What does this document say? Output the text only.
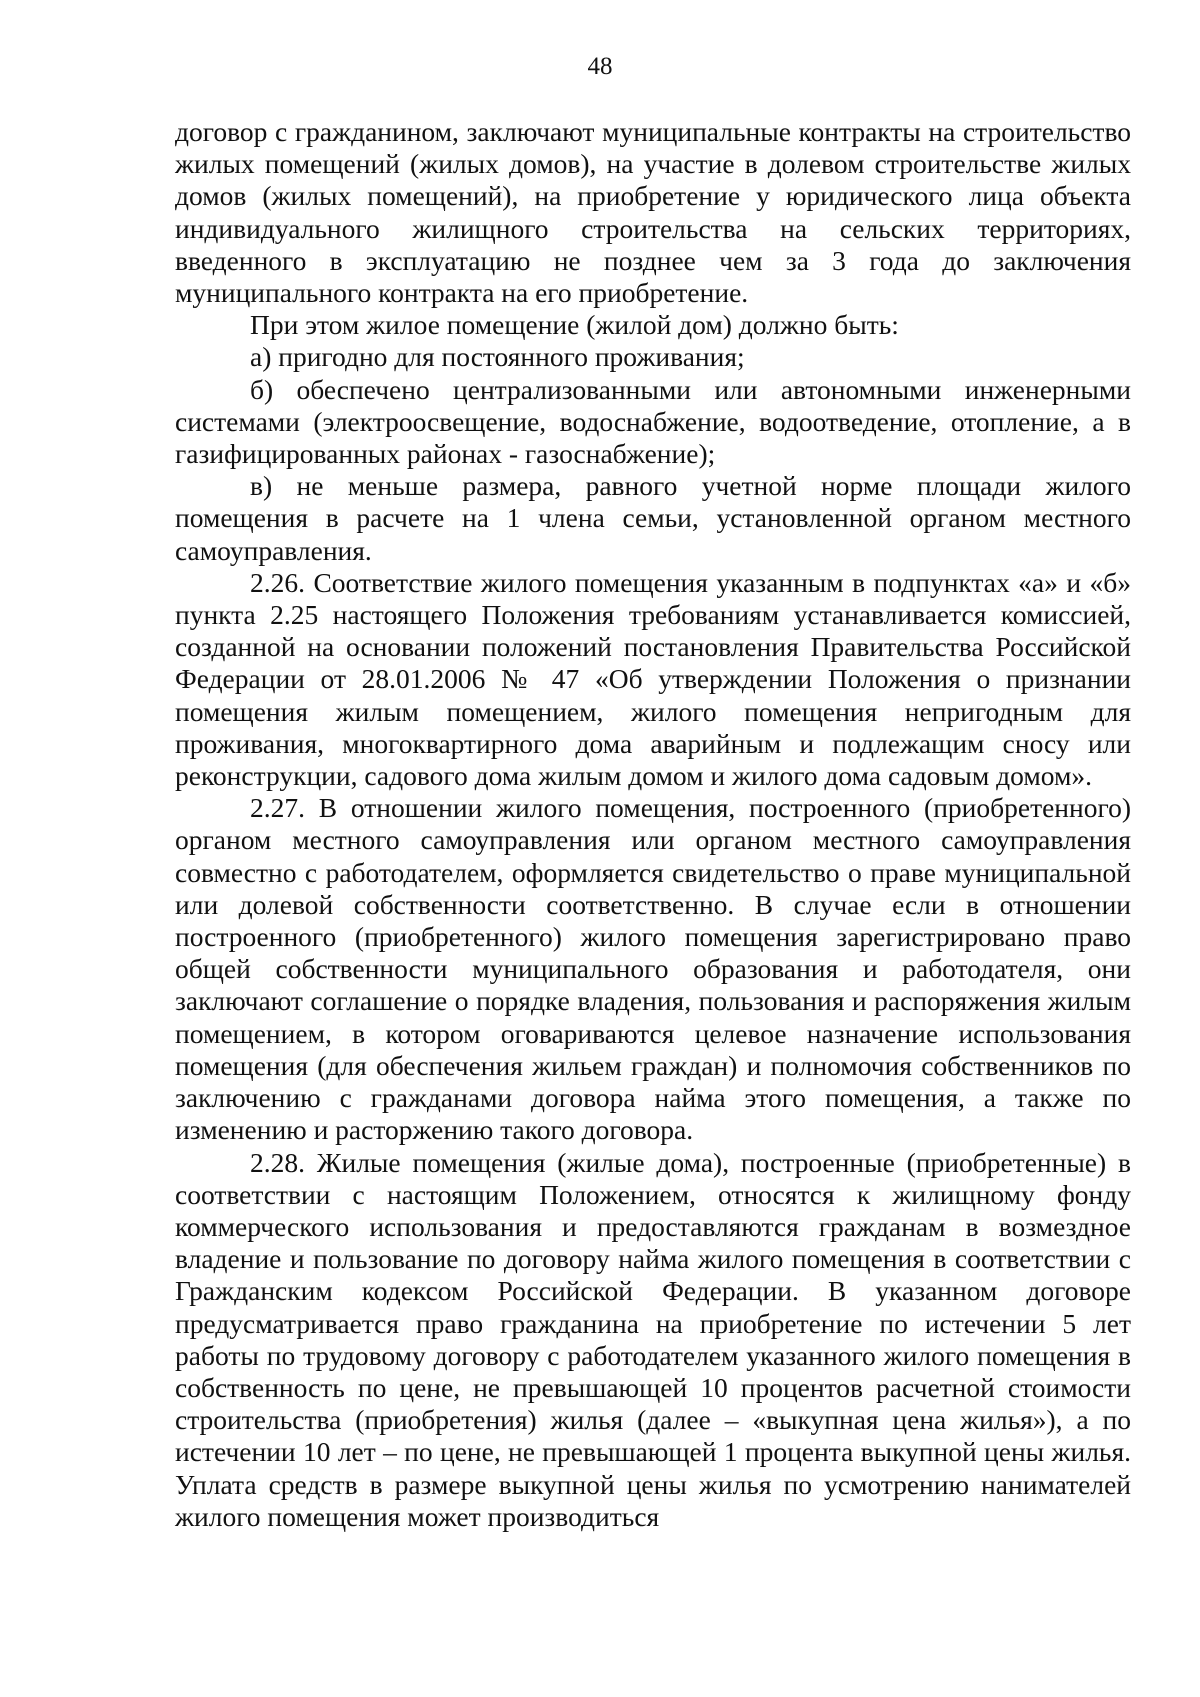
48

договор с гражданином, заключают муниципальные контракты на строительство жилых помещений (жилых домов), на участие в долевом строительстве жилых домов (жилых помещений), на приобретение у юридического лица объекта индивидуального жилищного строительства на сельских территориях, введенного в эксплуатацию не позднее чем за 3 года до заключения муниципального контракта на его приобретение.

При этом жилое помещение (жилой дом) должно быть:

а) пригодно для постоянного проживания;

б) обеспечено централизованными или автономными инженерными системами (электроосвещение, водоснабжение, водоотведение, отопление, а в газифицированных районах - газоснабжение);

в) не меньше размера, равного учетной норме площади жилого помещения в расчете на 1 члена семьи, установленной органом местного самоуправления.

2.26. Соответствие жилого помещения указанным в подпунктах «а» и «б» пункта 2.25 настоящего Положения требованиям устанавливается комиссией, созданной на основании положений постановления Правительства Российской Федерации от 28.01.2006 № 47 «Об утверждении Положения о признании помещения жилым помещением, жилого помещения непригодным для проживания, многоквартирного дома аварийным и подлежащим сносу или реконструкции, садового дома жилым домом и жилого дома садовым домом».

2.27. В отношении жилого помещения, построенного (приобретенного) органом местного самоуправления или органом местного самоуправления совместно с работодателем, оформляется свидетельство о праве муниципальной или долевой собственности соответственно. В случае если в отношении построенного (приобретенного) жилого помещения зарегистрировано право общей собственности муниципального образования и работодателя, они заключают соглашение о порядке владения, пользования и распоряжения жилым помещением, в котором оговариваются целевое назначение использования помещения (для обеспечения жильем граждан) и полномочия собственников по заключению с гражданами договора найма этого помещения, а также по изменению и расторжению такого договора.

2.28. Жилые помещения (жилые дома), построенные (приобретенные) в соответствии с настоящим Положением, относятся к жилищному фонду коммерческого использования и предоставляются гражданам в возмездное владение и пользование по договору найма жилого помещения в соответствии с Гражданским кодексом Российской Федерации. В указанном договоре предусматривается право гражданина на приобретение по истечении 5 лет работы по трудовому договору с работодателем указанного жилого помещения в собственность по цене, не превышающей 10 процентов расчетной стоимости строительства (приобретения) жилья (далее – «выкупная цена жилья»), а по истечении 10 лет – по цене, не превышающей 1 процента выкупной цены жилья. Уплата средств в размере выкупной цены жилья по усмотрению нанимателей жилого помещения может производиться
